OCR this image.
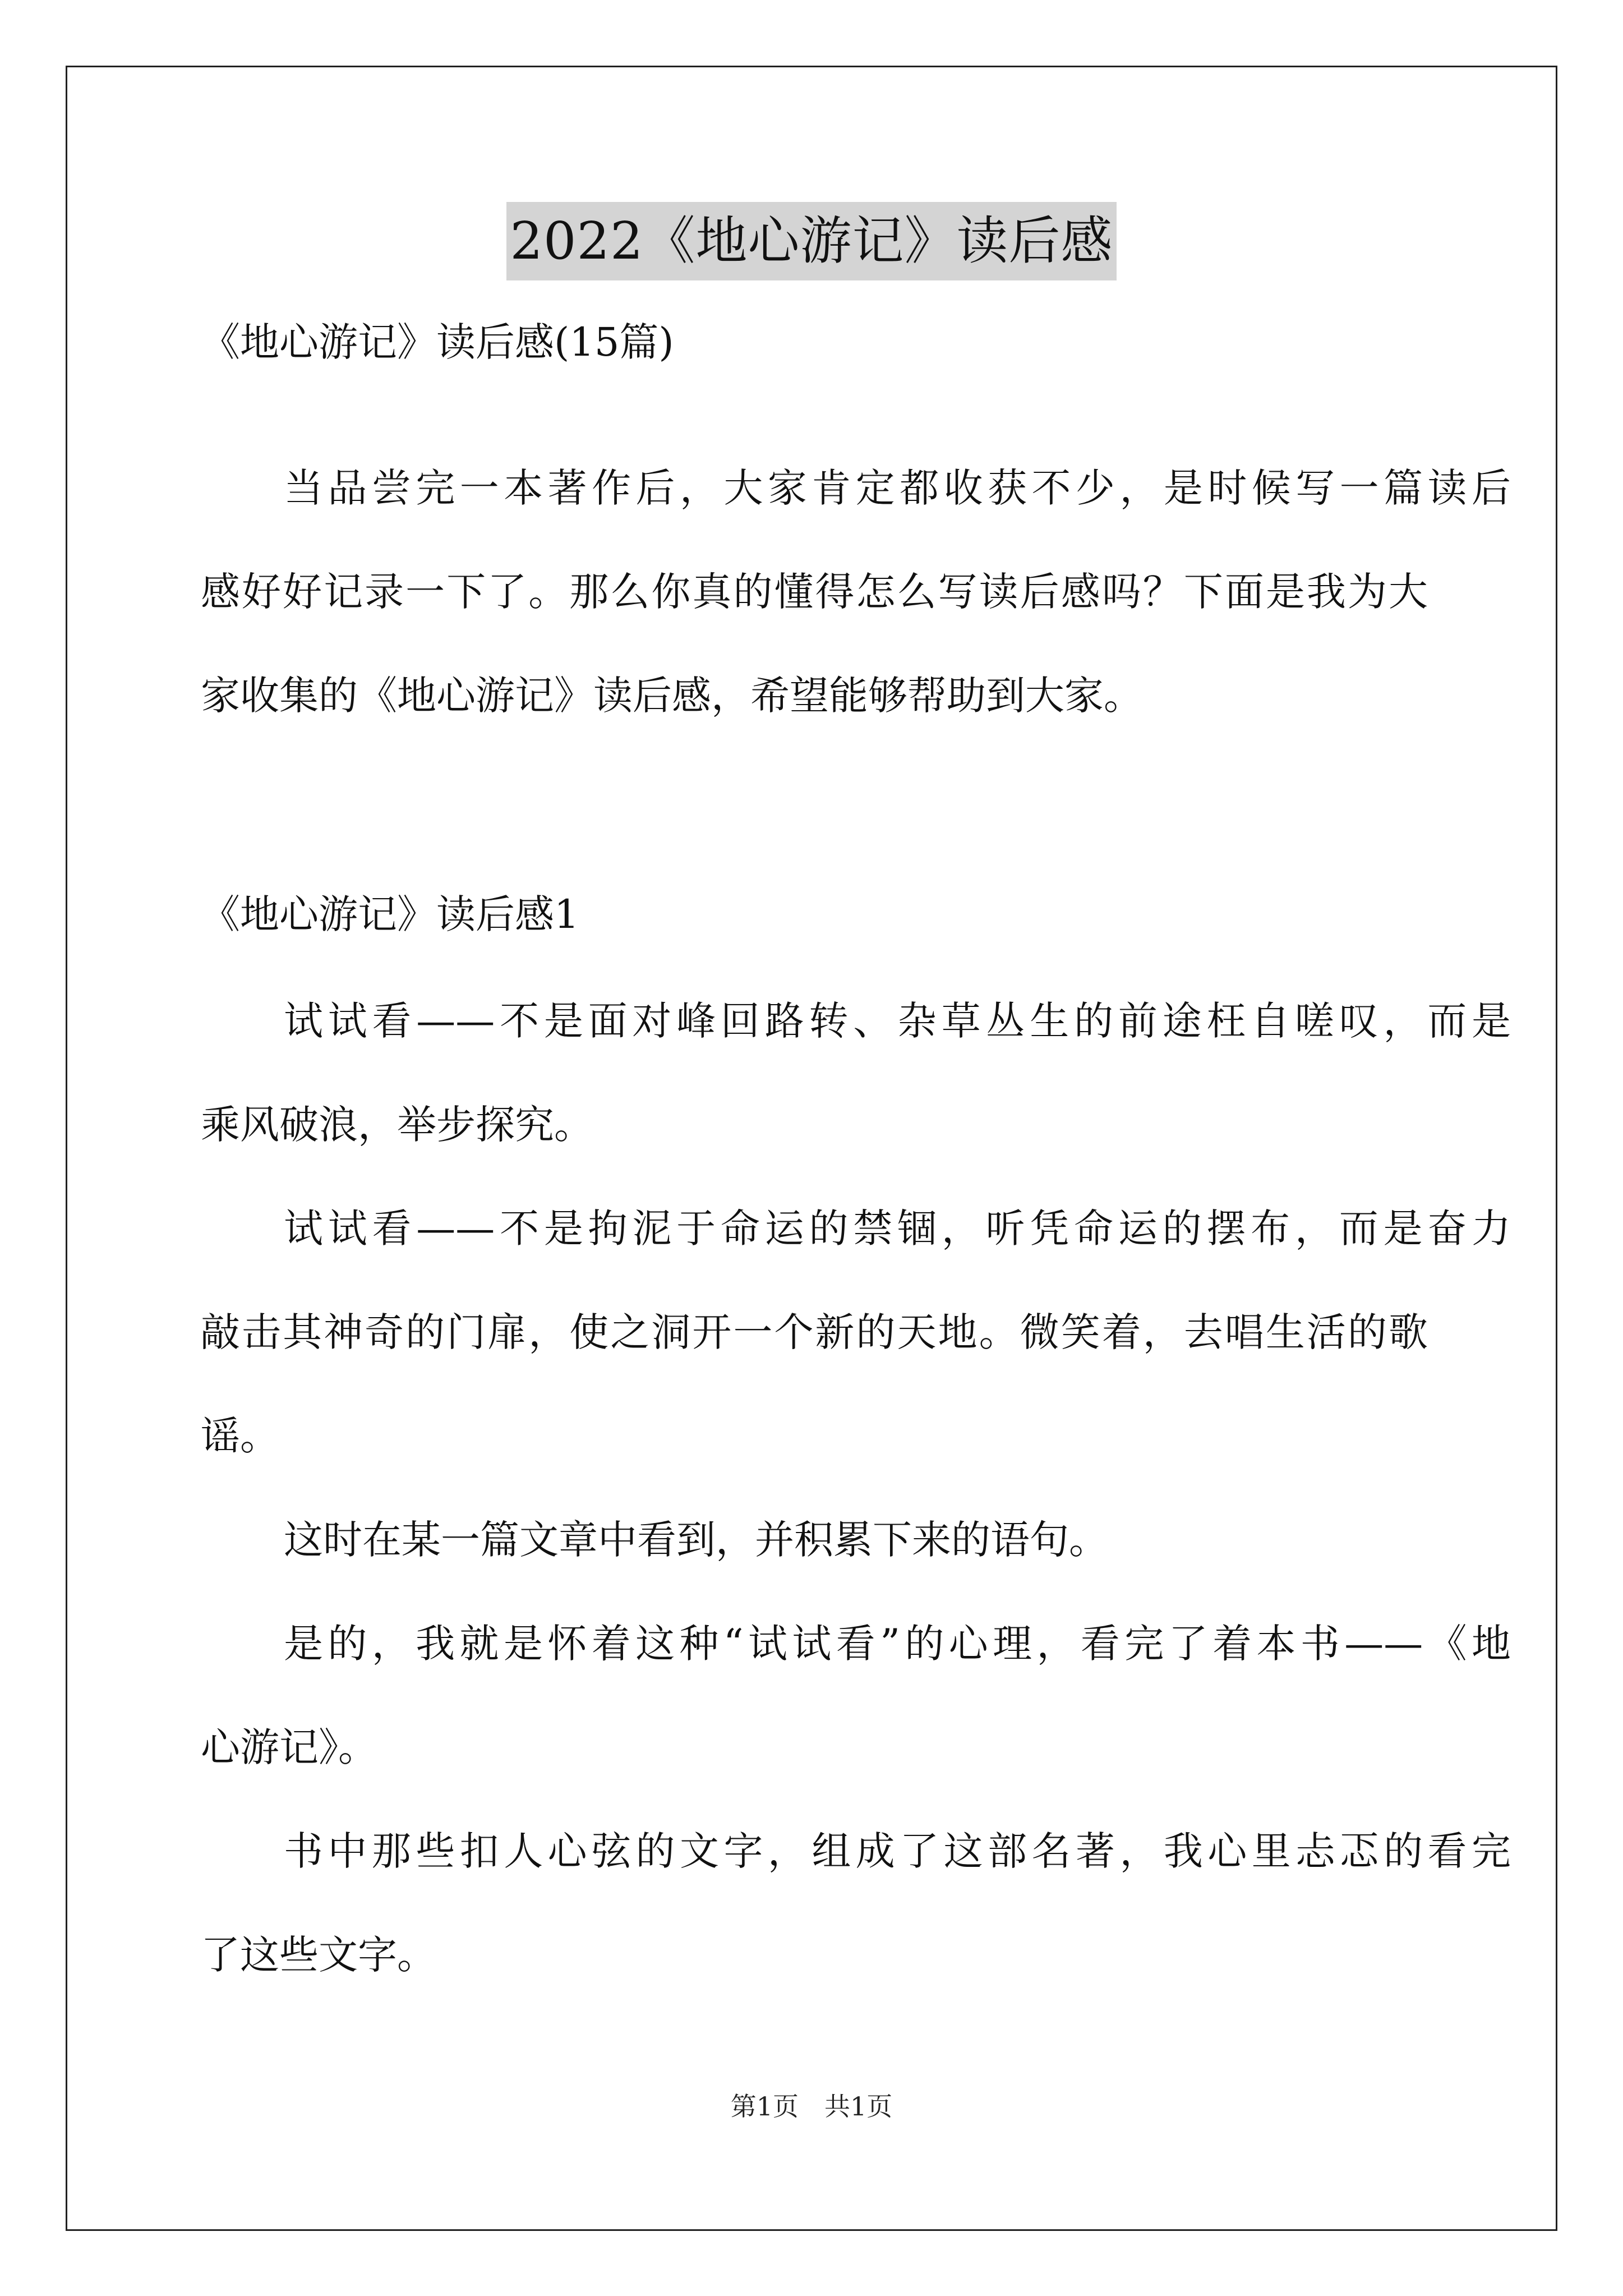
2022《地心游记》读后感
《地心游记》读后感(15篇)
当品尝完一本著作后，大家肯定都收获不少，是时候写一篇读后
感好好记录一下了。那么你真的懂得怎么写读后感吗？下面是我为大
家收集的《地心游记》读后感，希望能够帮助到大家。
《地心游记》读后感1
试试看——不是面对峰回路转、杂草丛生的前途枉自嗟叹，而是
乘风破浪，举步探究。
试试看——不是拘泥于命运的禁锢，听凭命运的摆布，而是奋力
敲击其神奇的门扉，使之洞开一个新的天地。微笑着，去唱生活的歌
谣。
这时在某一篇文章中看到，并积累下来的语句。
是的，我就是怀着这种“试试看”的心理，看完了着本书——《地
心游记》。
书中那些扣人心弦的文字，组成了这部名著，我心里忐忑的看完
了这些文字。
第1页　共1页
